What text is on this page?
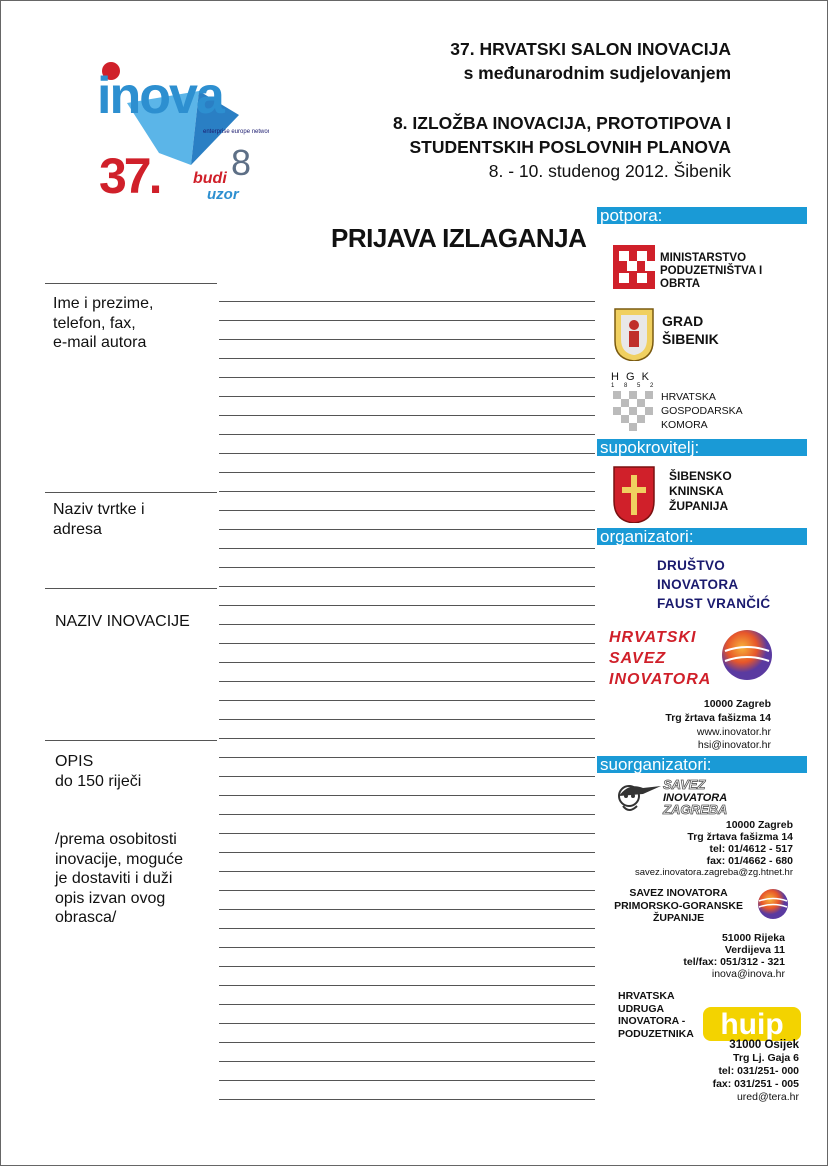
inova
37. 8
budi
uzor
enterprise europe network
37. HRVATSKI SALON INOVACIJA
s međunarodnim sudjelovanjem
8. IZLOŽBA INOVACIJA, PROTOTIPOVA I
STUDENTSKIH POSLOVNIH PLANOVA
8. - 10. studenog 2012. Šibenik
PRIJAVA IZLAGANJA
Ime i prezime,
telefon, fax,
e-mail autora
Naziv tvrtke i
adresa
NAZIV INOVACIJE
OPIS
do 150 riječi
/prema osobitosti
inovacije, moguće
je dostaviti i duži
opis izvan ovog
obrasca/
potpora:
MINISTARSTVO
PODUZETNIŠTVA I
OBRTA
GRAD
ŠIBENIK
H G K
1 8 5 2
HRVATSKA
GOSPODARSKA
KOMORA
supokrovitelj:
ŠIBENSKO
KNINSKA
ŽUPANIJA
organizatori:
DRUŠTVO
INOVATORA
FAUST VRANČIĆ
HRVATSKI
SAVEZ
INOVATORA
10000 Zagreb
Trg žrtava fašizma 14
www.inovator.hr
hsi@inovator.hr
suorganizatori:
SAVEZ
INOVATORA
ZAGREBA
10000 Zagreb
Trg žrtava fašizma 14
tel: 01/4612 - 517
fax: 01/4662 - 680
savez.inovatora.zagreba@zg.htnet.hr
SAVEZ INOVATORA
PRIMORSKO-GORANSKE
ŽUPANIJE
51000 Rijeka
Verdijeva 11
tel/fax: 051/312 - 321
inova@inova.hr
HRVATSKA
UDRUGA
INOVATORA -
PODUZETNIKA huip
31000 Osijek
Trg Lj. Gaja 6
tel: 031/251- 000
fax: 031/251 - 005
ured@tera.hr
